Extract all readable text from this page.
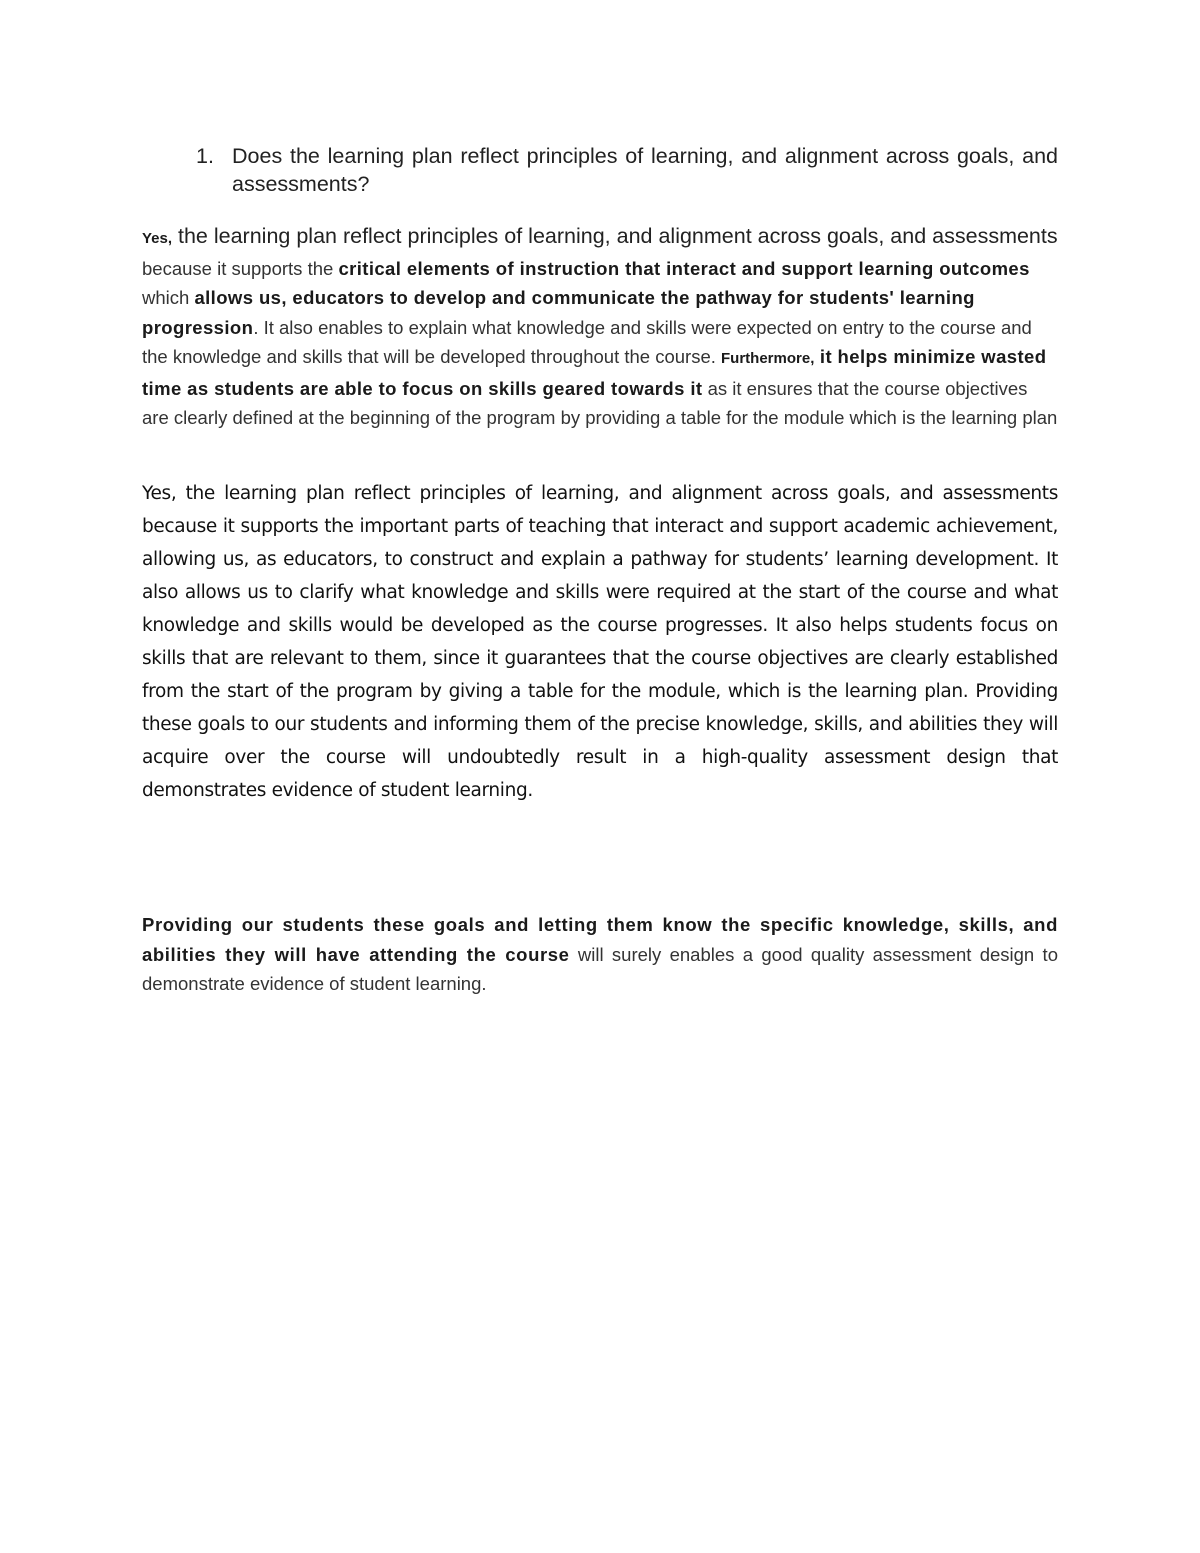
1. Does the learning plan reflect principles of learning, and alignment across goals, and assessments?
Yes, the learning plan reflect principles of learning, and alignment across goals, and assessments because it supports the critical elements of instruction that interact and support learning outcomes which allows us, educators to develop and communicate the pathway for students' learning progression. It also enables to explain what knowledge and skills were expected on entry to the course and the knowledge and skills that will be developed throughout the course. Furthermore, it helps minimize wasted time as students are able to focus on skills geared towards it as it ensures that the course objectives are clearly defined at the beginning of the program by providing a table for the module which is the learning plan
Yes, the learning plan reflect principles of learning, and alignment across goals, and assessments because it supports the important parts of teaching that interact and support academic achievement, allowing us, as educators, to construct and explain a pathway for students’ learning development. It also allows us to clarify what knowledge and skills were required at the start of the course and what knowledge and skills would be developed as the course progresses. It also helps students focus on skills that are relevant to them, since it guarantees that the course objectives are clearly established from the start of the program by giving a table for the module, which is the learning plan. Providing these goals to our students and informing them of the precise knowledge, skills, and abilities they will acquire over the course will undoubtedly result in a high-quality assessment design that demonstrates evidence of student learning.
Providing our students these goals and letting them know the specific knowledge, skills, and abilities they will have attending the course will surely enables a good quality assessment design to demonstrate evidence of student learning.
